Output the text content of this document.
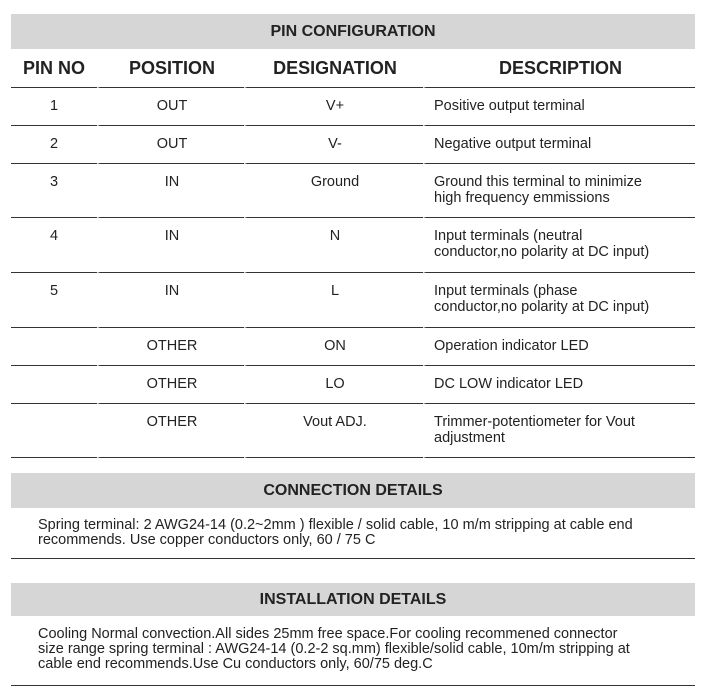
PIN CONFIGURATION
PIN NO	POSITION	DESIGNATION	DESCRIPTION

1	OUT	V+	Positive output terminal

2	OUT	V-	Negative output terminal

3	IN	Ground	Ground this terminal to minimize
high frequency emmissions

4	IN	N	Input terminals (neutral
conductor,no polarity at DC input)

5	IN	L	Input terminals (phase
conductor,no polarity at DC input)

	OTHER	ON	Operation indicator LED

	OTHER	LO	DC LOW indicator LED

	OTHER	Vout ADJ.	Trimmer-potentiometer for Vout
adjustment
CONNECTION DETAILS
Spring terminal: 2 AWG24-14 (0.2~2mm ) flexible / solid cable, 10 m/m stripping at cable end
recommends. Use copper conductors only, 60 / 75 C
INSTALLATION DETAILS
Cooling Normal convection.All sides 25mm free space.For cooling recommened connector
size range spring terminal : AWG24-14 (0.2-2 sq.mm) flexible/solid cable, 10m/m stripping at
cable end recommends.Use Cu conductors only, 60/75 deg.C
